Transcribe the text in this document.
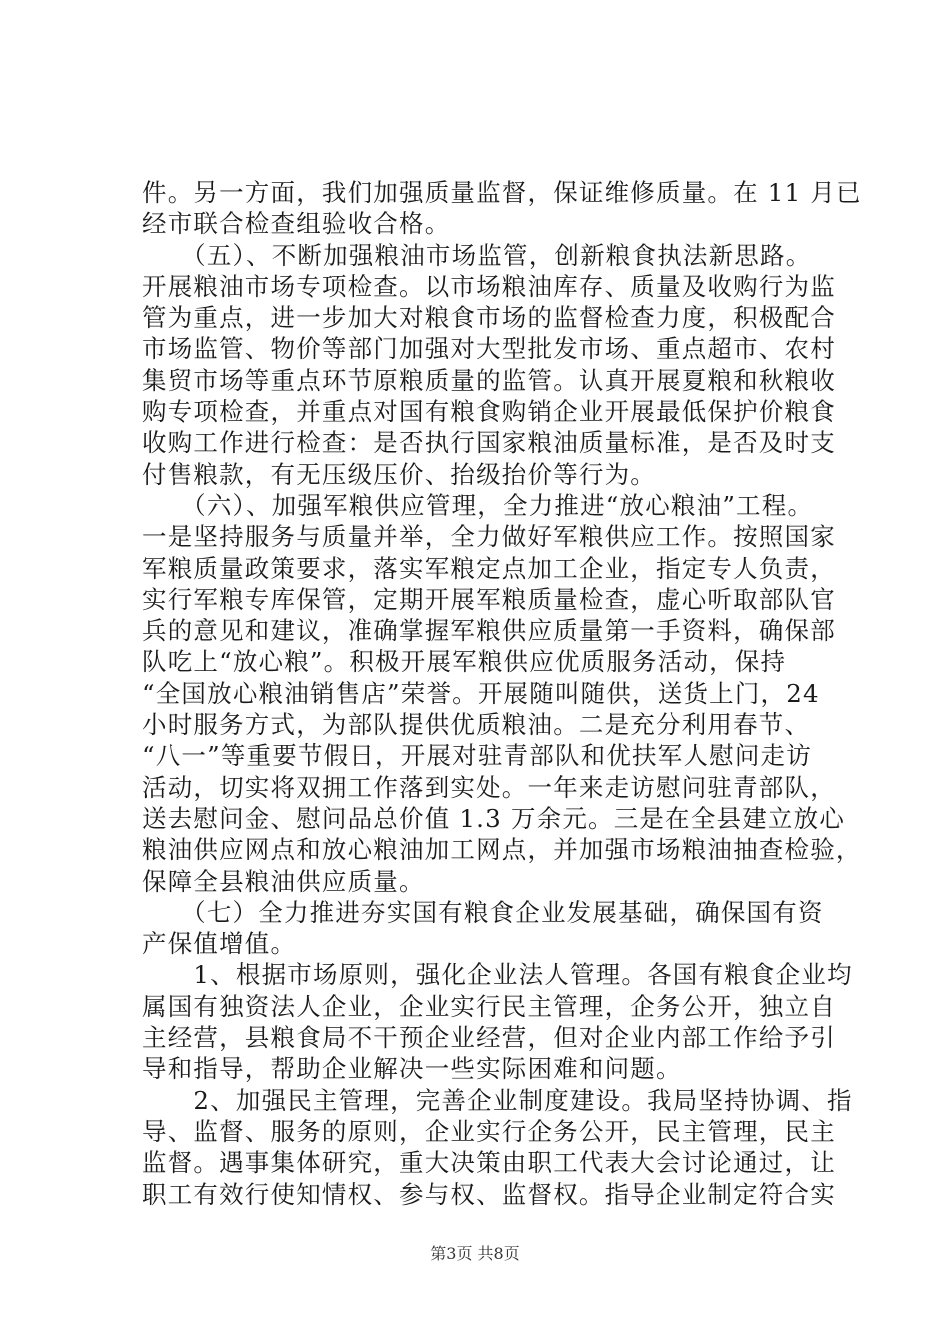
件。另一方面，我们加强质量监督，保证维修质量。在 11 月已
经市联合检查组验收合格。
　　（五）、不断加强粮油市场监管，创新粮食执法新思路。
开展粮油市场专项检查。以市场粮油库存、质量及收购行为监
管为重点，进一步加大对粮食市场的监督检查力度，积极配合
市场监管、物价等部门加强对大型批发市场、重点超市、农村
集贸市场等重点环节原粮质量的监管。认真开展夏粮和秋粮收
购专项检查，并重点对国有粮食购销企业开展最低保护价粮食
收购工作进行检查：是否执行国家粮油质量标准，是否及时支
付售粮款，有无压级压价、抬级抬价等行为。
　　（六）、加强军粮供应管理，全力推进“放心粮油”工程。
一是坚持服务与质量并举，全力做好军粮供应工作。按照国家
军粮质量政策要求，落实军粮定点加工企业，指定专人负责，
实行军粮专库保管，定期开展军粮质量检查，虚心听取部队官
兵的意见和建议，准确掌握军粮供应质量第一手资料，确保部
队吃上“放心粮”。积极开展军粮供应优质服务活动，保持
“全国放心粮油销售店”荣誉。开展随叫随供，送货上门，24
小时服务方式，为部队提供优质粮油。二是充分利用春节、
“八一”等重要节假日，开展对驻青部队和优扶军人慰问走访
活动，切实将双拥工作落到实处。一年来走访慰问驻青部队，
送去慰问金、慰问品总价值 1.3 万余元。三是在全县建立放心
粮油供应网点和放心粮油加工网点，并加强市场粮油抽查检验，
保障全县粮油供应质量。
　　（七）全力推进夯实国有粮食企业发展基础，确保国有资
产保值增值。
　　1、根据市场原则，强化企业法人管理。各国有粮食企业均
属国有独资法人企业，企业实行民主管理，企务公开，独立自
主经营，县粮食局不干预企业经营，但对企业内部工作给予引
导和指导，帮助企业解决一些实际困难和问题。
　　2、加强民主管理，完善企业制度建设。我局坚持协调、指
导、监督、服务的原则，企业实行企务公开，民主管理，民主
监督。遇事集体研究，重大决策由职工代表大会讨论通过，让
职工有效行使知情权、参与权、监督权。指导企业制定符合实
第3页 共8页
